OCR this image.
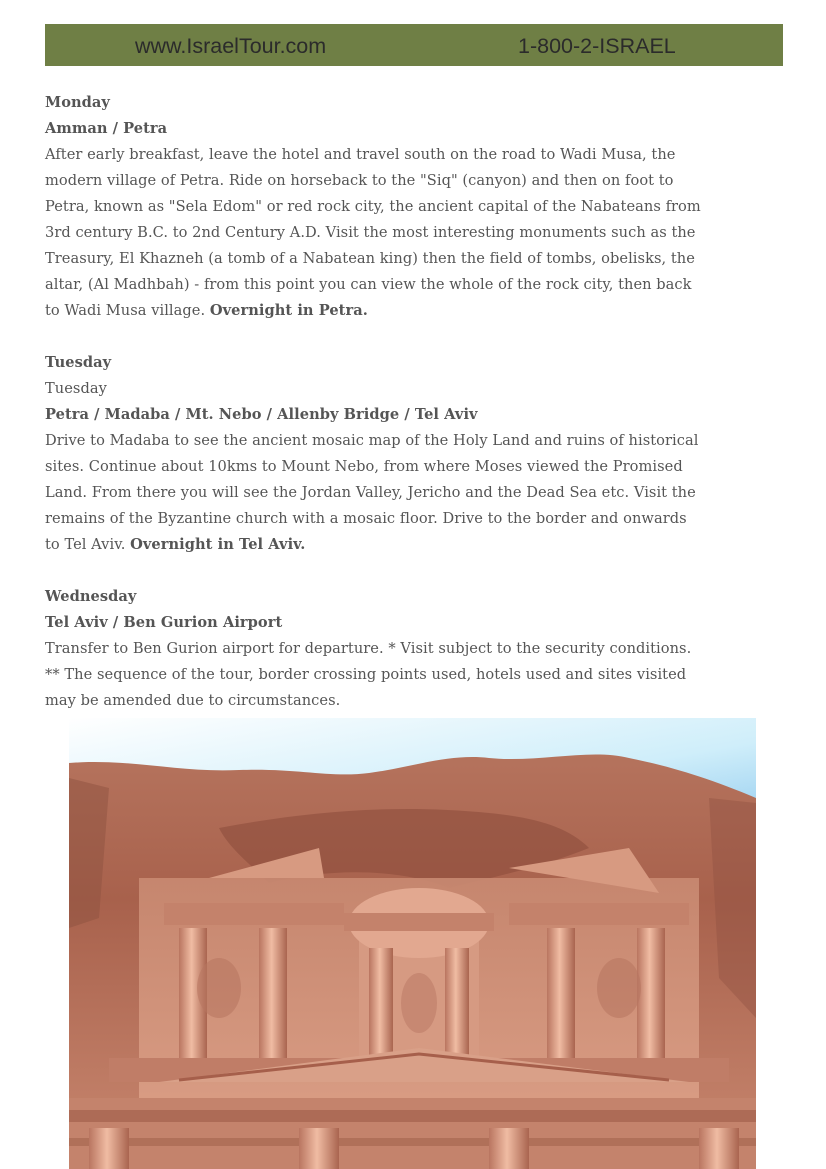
www.IsraelTour.com	1-800-2-ISRAEL
Monday
Amman / Petra
After early breakfast, leave the hotel and travel south on the road to Wadi Musa, the modern village of Petra. Ride on horseback to the "Siq" (canyon) and then on foot to Petra, known as "Sela Edom" or red rock city, the ancient capital of the Nabateans from 3rd century B.C. to 2nd Century A.D. Visit the most interesting monuments such as the Treasury, El Khazneh (a tomb of a Nabatean king) then the field of tombs, obelisks, the altar, (Al Madhbah) - from this point you can view the whole of the rock city, then back to Wadi Musa village. Overnight in Petra.
Tuesday
Tuesday
Petra / Madaba / Mt. Nebo / Allenby Bridge / Tel Aviv
Drive to Madaba to see the ancient mosaic map of the Holy Land and ruins of historical sites. Continue about 10kms to Mount Nebo, from where Moses viewed the Promised Land. From there you will see the Jordan Valley, Jericho and the Dead Sea etc. Visit the remains of the Byzantine church with a mosaic floor. Drive to the border and onwards to Tel Aviv. Overnight in Tel Aviv.
Wednesday
Tel Aviv / Ben Gurion Airport
Transfer to Ben Gurion airport for departure. * Visit subject to the security conditions. ** The sequence of the tour, border crossing points used, hotels used and sites visited may be amended due to circumstances.
